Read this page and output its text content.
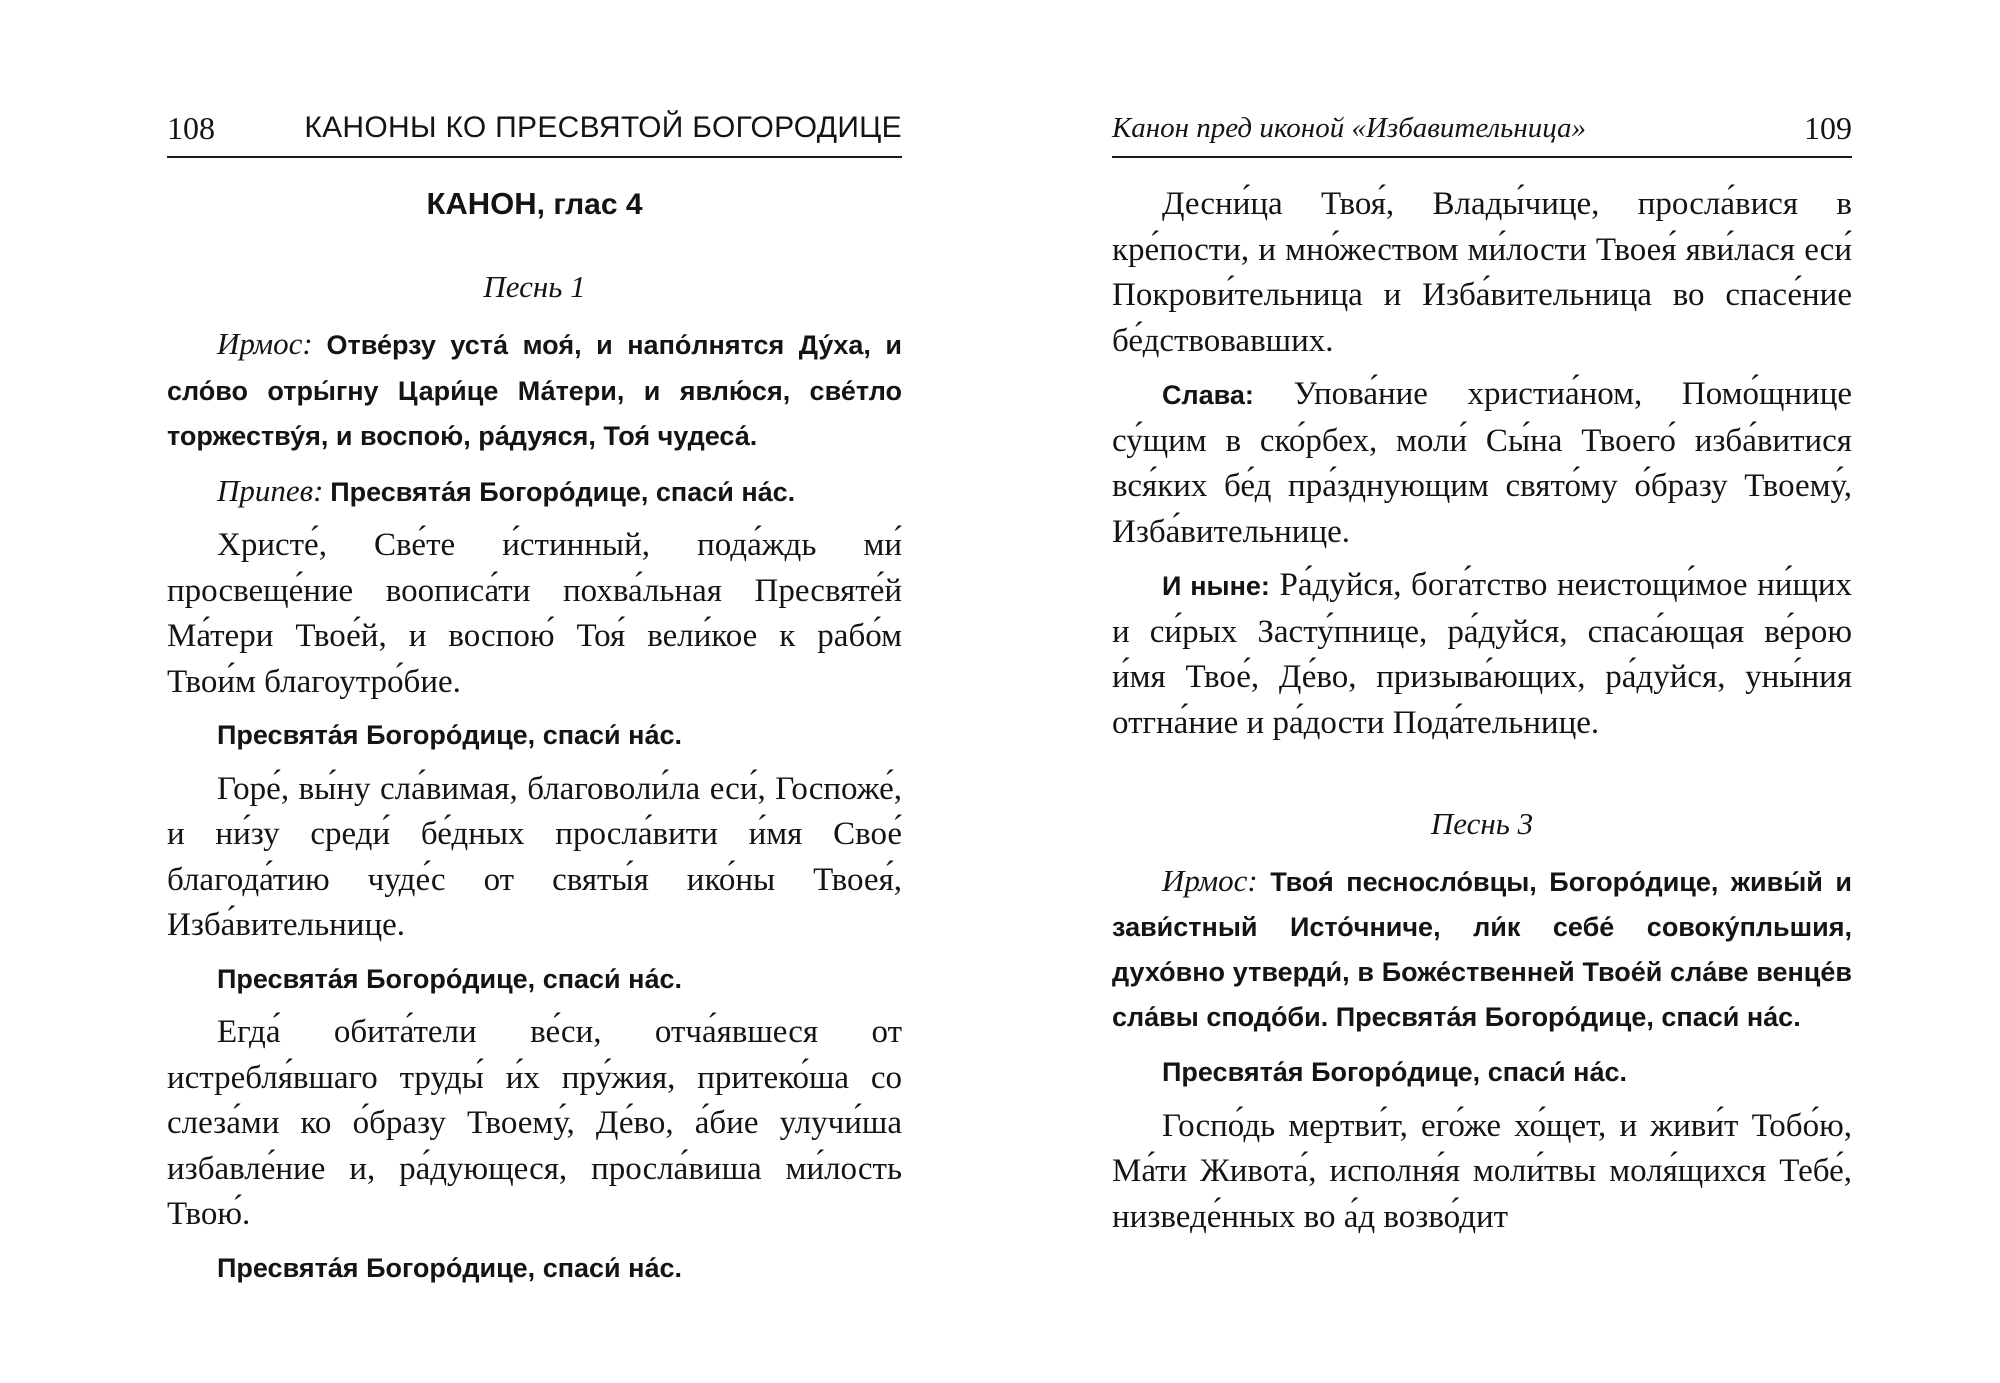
108	КАНОНЫ КО ПРЕСВЯТОЙ БОГОРОДИЦЕ
КАНОН, глас 4
Песнь 1

Ирмос: Отве́рзу уста́ моя́, и напо́лнятся Ду́ха, и сло́во отры́гну Цари́це Ма́тери, и явлю́ся, све́тло торжеству́я, и воспою́, ра́дуяся, Тоя́ чудеса́.

Припев: Пресвята́я Богоро́дице, спаси́ на́с.

Христе́, Све́те и́стинный, пода́ждь ми́ просвеще́ние воописа́ти похва́льная Пресвяте́й Ма́тери Твое́й, и воспою́ Тоя́ вели́кое к рабо́м Твои́м благоутро́бие.

Пресвята́я Богоро́дице, спаси́ на́с.

Горе́, вы́ну сла́вимая, благоволи́ла еси́, Госпоже́, и ни́зу среди́ бе́дных просла́вити и́мя Свое́ благода́тию чуде́с от святы́я ико́ны Твоея́, Изба́вительнице.

Пресвята́я Богоро́дице, спаси́ на́с.

Егда́ обита́тели ве́си, отча́явшеся от истребля́вшаго труды́ и́х пру́жия, притеко́ша со слеза́ми ко о́бразу Твоему́, Де́во, а́бие улучи́ша избавле́ние и, ра́дующеся, просла́виша ми́лость Твою́.

Пресвята́я Богоро́дице, спаси́ на́с.

Канон пред иконой «Избавительница»	109

Десни́ца Твоя́, Влады́чице, просла́вися в кре́пости, и мно́жеством ми́лости Твоея́ яви́лася еси́ Покрови́тельница и Изба́вительница во спасе́ние бе́дствовавших.

Слава: Упова́ние христиа́ном, Помо́щнице су́щим в ско́рбех, моли́ Сы́на Твоего́ изба́витися вся́ких бе́д пра́зднующим свято́му о́бразу Твоему́, Изба́вительнице.

И ныне: Ра́дуйся, бога́тство неистощи́мое ни́щих и си́рых Засту́пнице, ра́дуйся, спаса́ющая ве́рою и́мя Твое́, Де́во, призыва́ющих, ра́дуйся, уны́ния отгна́ние и ра́дости Пода́тельнице.

Песнь 3

Ирмос: Твоя́ песносло́вцы, Богоро́дице, живы́й и зави́стный Исто́чниче, ли́к себе́ совоку́пльшия, духо́вно утверди́, в Боже́ственней Твое́й сла́ве венце́в сла́вы сподо́би. Пресвята́я Богоро́дице, спаси́ на́с.

Пресвята́я Богоро́дице, спаси́ на́с.

Госпо́дь мертви́т, его́же хо́щет, и живи́т Тобо́ю, Ма́ти Живота́, исполня́я моли́твы моля́щихся Тебе́, низведе́нных во а́д возво́дит
